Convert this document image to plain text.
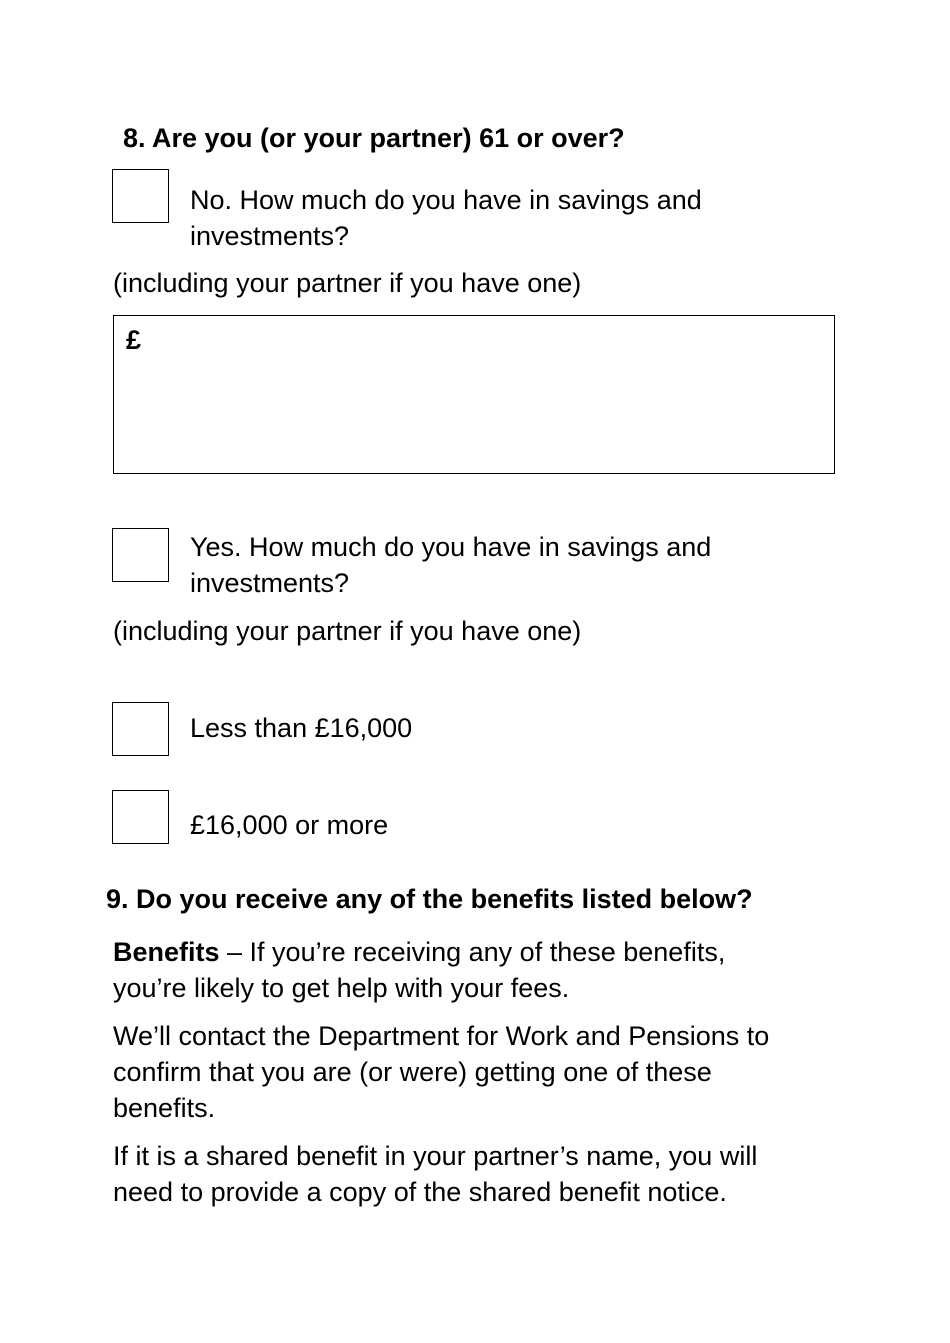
8. Are you (or your partner) 61 or over?
No. How much do you have in savings and
investments?
(including your partner if you have one)
£
Yes. How much do you have in savings and
investments?
(including your partner if you have one)
Less than £16,000
£16,000 or more
9. Do you receive any of the benefits listed below?
Benefits – If you’re receiving any of these benefits,
you’re likely to get help with your fees.
We’ll contact the Department for Work and Pensions to
confirm that you are (or were) getting one of these
benefits.
If it is a shared benefit in your partner’s name, you will
need to provide a copy of the shared benefit notice.
